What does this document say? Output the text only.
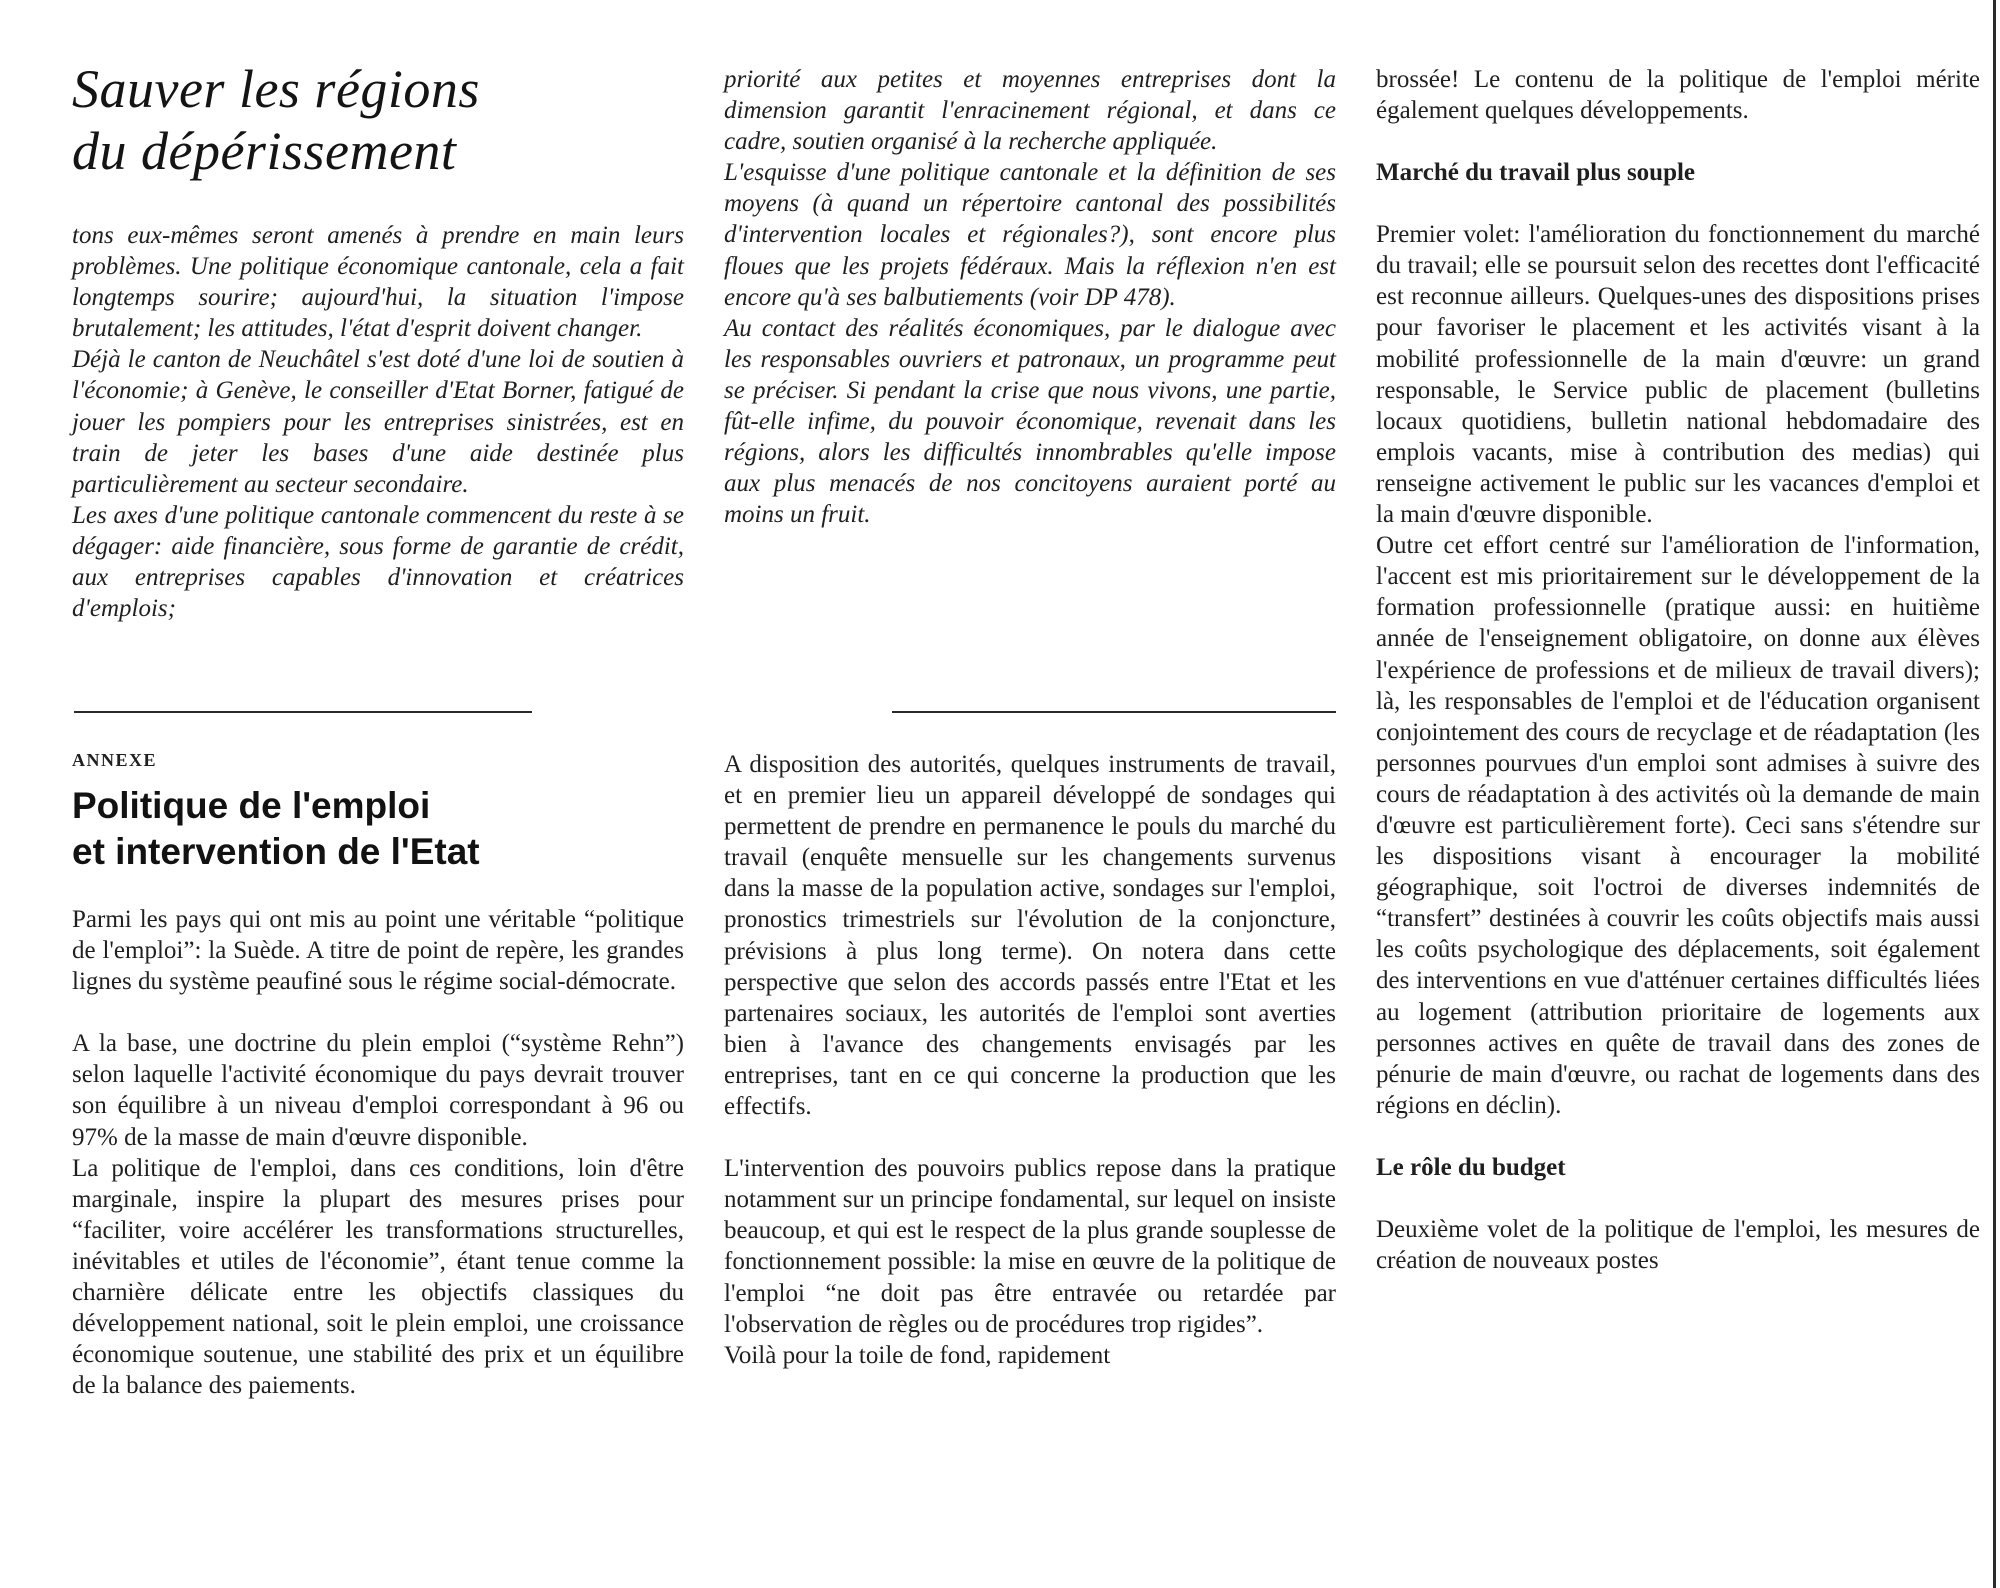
Sauver les régions
du dépérissement

tons eux-mêmes seront amenés à prendre en main leurs problèmes. Une politique économique cantonale, cela a fait longtemps sourire; aujourd'hui, la situation l'impose brutalement; les attitudes, l'état d'esprit doivent changer.

Déjà le canton de Neuchâtel s'est doté d'une loi de soutien à l'économie; à Genève, le conseiller d'Etat Borner, fatigué de jouer les pompiers pour les entreprises sinistrées, est en train de jeter les bases d'une aide destinée plus particulièrement au secteur secondaire.

Les axes d'une politique cantonale commencent du reste à se dégager: aide financière, sous forme de garantie de crédit, aux entreprises capables d'innovation et créatrices d'emplois;

ANNEXE

Politique de l'emploi
et intervention de l'Etat

Parmi les pays qui ont mis au point une véritable “politique de l'emploi”: la Suède. A titre de point de repère, les grandes lignes du système peaufiné sous le régime social-démocrate.

A la base, une doctrine du plein emploi (“système Rehn”) selon laquelle l'activité économique du pays devrait trouver son équilibre à un niveau d'emploi correspondant à 96 ou 97% de la masse de main d'œuvre disponible.

La politique de l'emploi, dans ces conditions, loin d'être marginale, inspire la plupart des mesures prises pour “faciliter, voire accélérer les transformations structurelles, inévitables et utiles de l'économie”, étant tenue comme la charnière délicate entre les objectifs classiques du développement national, soit le plein emploi, une croissance économique soutenue, une stabilité des prix et un équilibre de la balance des paiements.

priorité aux petites et moyennes entreprises dont la dimension garantit l'enracinement régional, et dans ce cadre, soutien organisé à la recherche appliquée.

L'esquisse d'une politique cantonale et la définition de ses moyens (à quand un répertoire cantonal des possibilités d'intervention locales et régionales?), sont encore plus floues que les projets fédéraux. Mais la réflexion n'en est encore qu'à ses balbutiements (voir DP 478).

Au contact des réalités économiques, par le dialogue avec les responsables ouvriers et patronaux, un programme peut se préciser. Si pendant la crise que nous vivons, une partie, fût-elle infime, du pouvoir économique, revenait dans les régions, alors les difficultés innombrables qu'elle impose aux plus menacés de nos concitoyens auraient porté au moins un fruit.

A disposition des autorités, quelques instruments de travail, et en premier lieu un appareil développé de sondages qui permettent de prendre en permanence le pouls du marché du travail (enquête mensuelle sur les changements survenus dans la masse de la population active, sondages sur l'emploi, pronostics trimestriels sur l'évolution de la conjoncture, prévisions à plus long terme). On notera dans cette perspective que selon des accords passés entre l'Etat et les partenaires sociaux, les autorités de l'emploi sont averties bien à l'avance des changements envisagés par les entreprises, tant en ce qui concerne la production que les effectifs.

L'intervention des pouvoirs publics repose dans la pratique notamment sur un principe fondamental, sur lequel on insiste beaucoup, et qui est le respect de la plus grande souplesse de fonctionnement possible: la mise en œuvre de la politique de l'emploi “ne doit pas être entravée ou retardée par l'observation de règles ou de procédures trop rigides”.

Voilà pour la toile de fond, rapidement

brossée! Le contenu de la politique de l'emploi mérite également quelques développements.

Marché du travail plus souple

Premier volet: l'amélioration du fonctionnement du marché du travail; elle se poursuit selon des recettes dont l'efficacité est reconnue ailleurs. Quelques-unes des dispositions prises pour favoriser le placement et les activités visant à la mobilité professionnelle de la main d'œuvre: un grand responsable, le Service public de placement (bulletins locaux quotidiens, bulletin national hebdomadaire des emplois vacants, mise à contribution des medias) qui renseigne activement le public sur les vacances d'emploi et la main d'œuvre disponible.

Outre cet effort centré sur l'amélioration de l'information, l'accent est mis prioritairement sur le développement de la formation professionnelle (pratique aussi: en huitième année de l'enseignement obligatoire, on donne aux élèves l'expérience de professions et de milieux de travail divers); là, les responsables de l'emploi et de l'éducation organisent conjointement des cours de recyclage et de réadaptation (les personnes pourvues d'un emploi sont admises à suivre des cours de réadaptation à des activités où la demande de main d'œuvre est particulièrement forte). Ceci sans s'étendre sur les dispositions visant à encourager la mobilité géographique, soit l'octroi de diverses indemnités de “transfert” destinées à couvrir les coûts objectifs mais aussi les coûts psychologique des déplacements, soit également des interventions en vue d'atténuer certaines difficultés liées au logement (attribution prioritaire de logements aux personnes actives en quête de travail dans des zones de pénurie de main d'œuvre, ou rachat de logements dans des régions en déclin).

Le rôle du budget

Deuxième volet de la politique de l'emploi, les mesures de création de nouveaux postes
